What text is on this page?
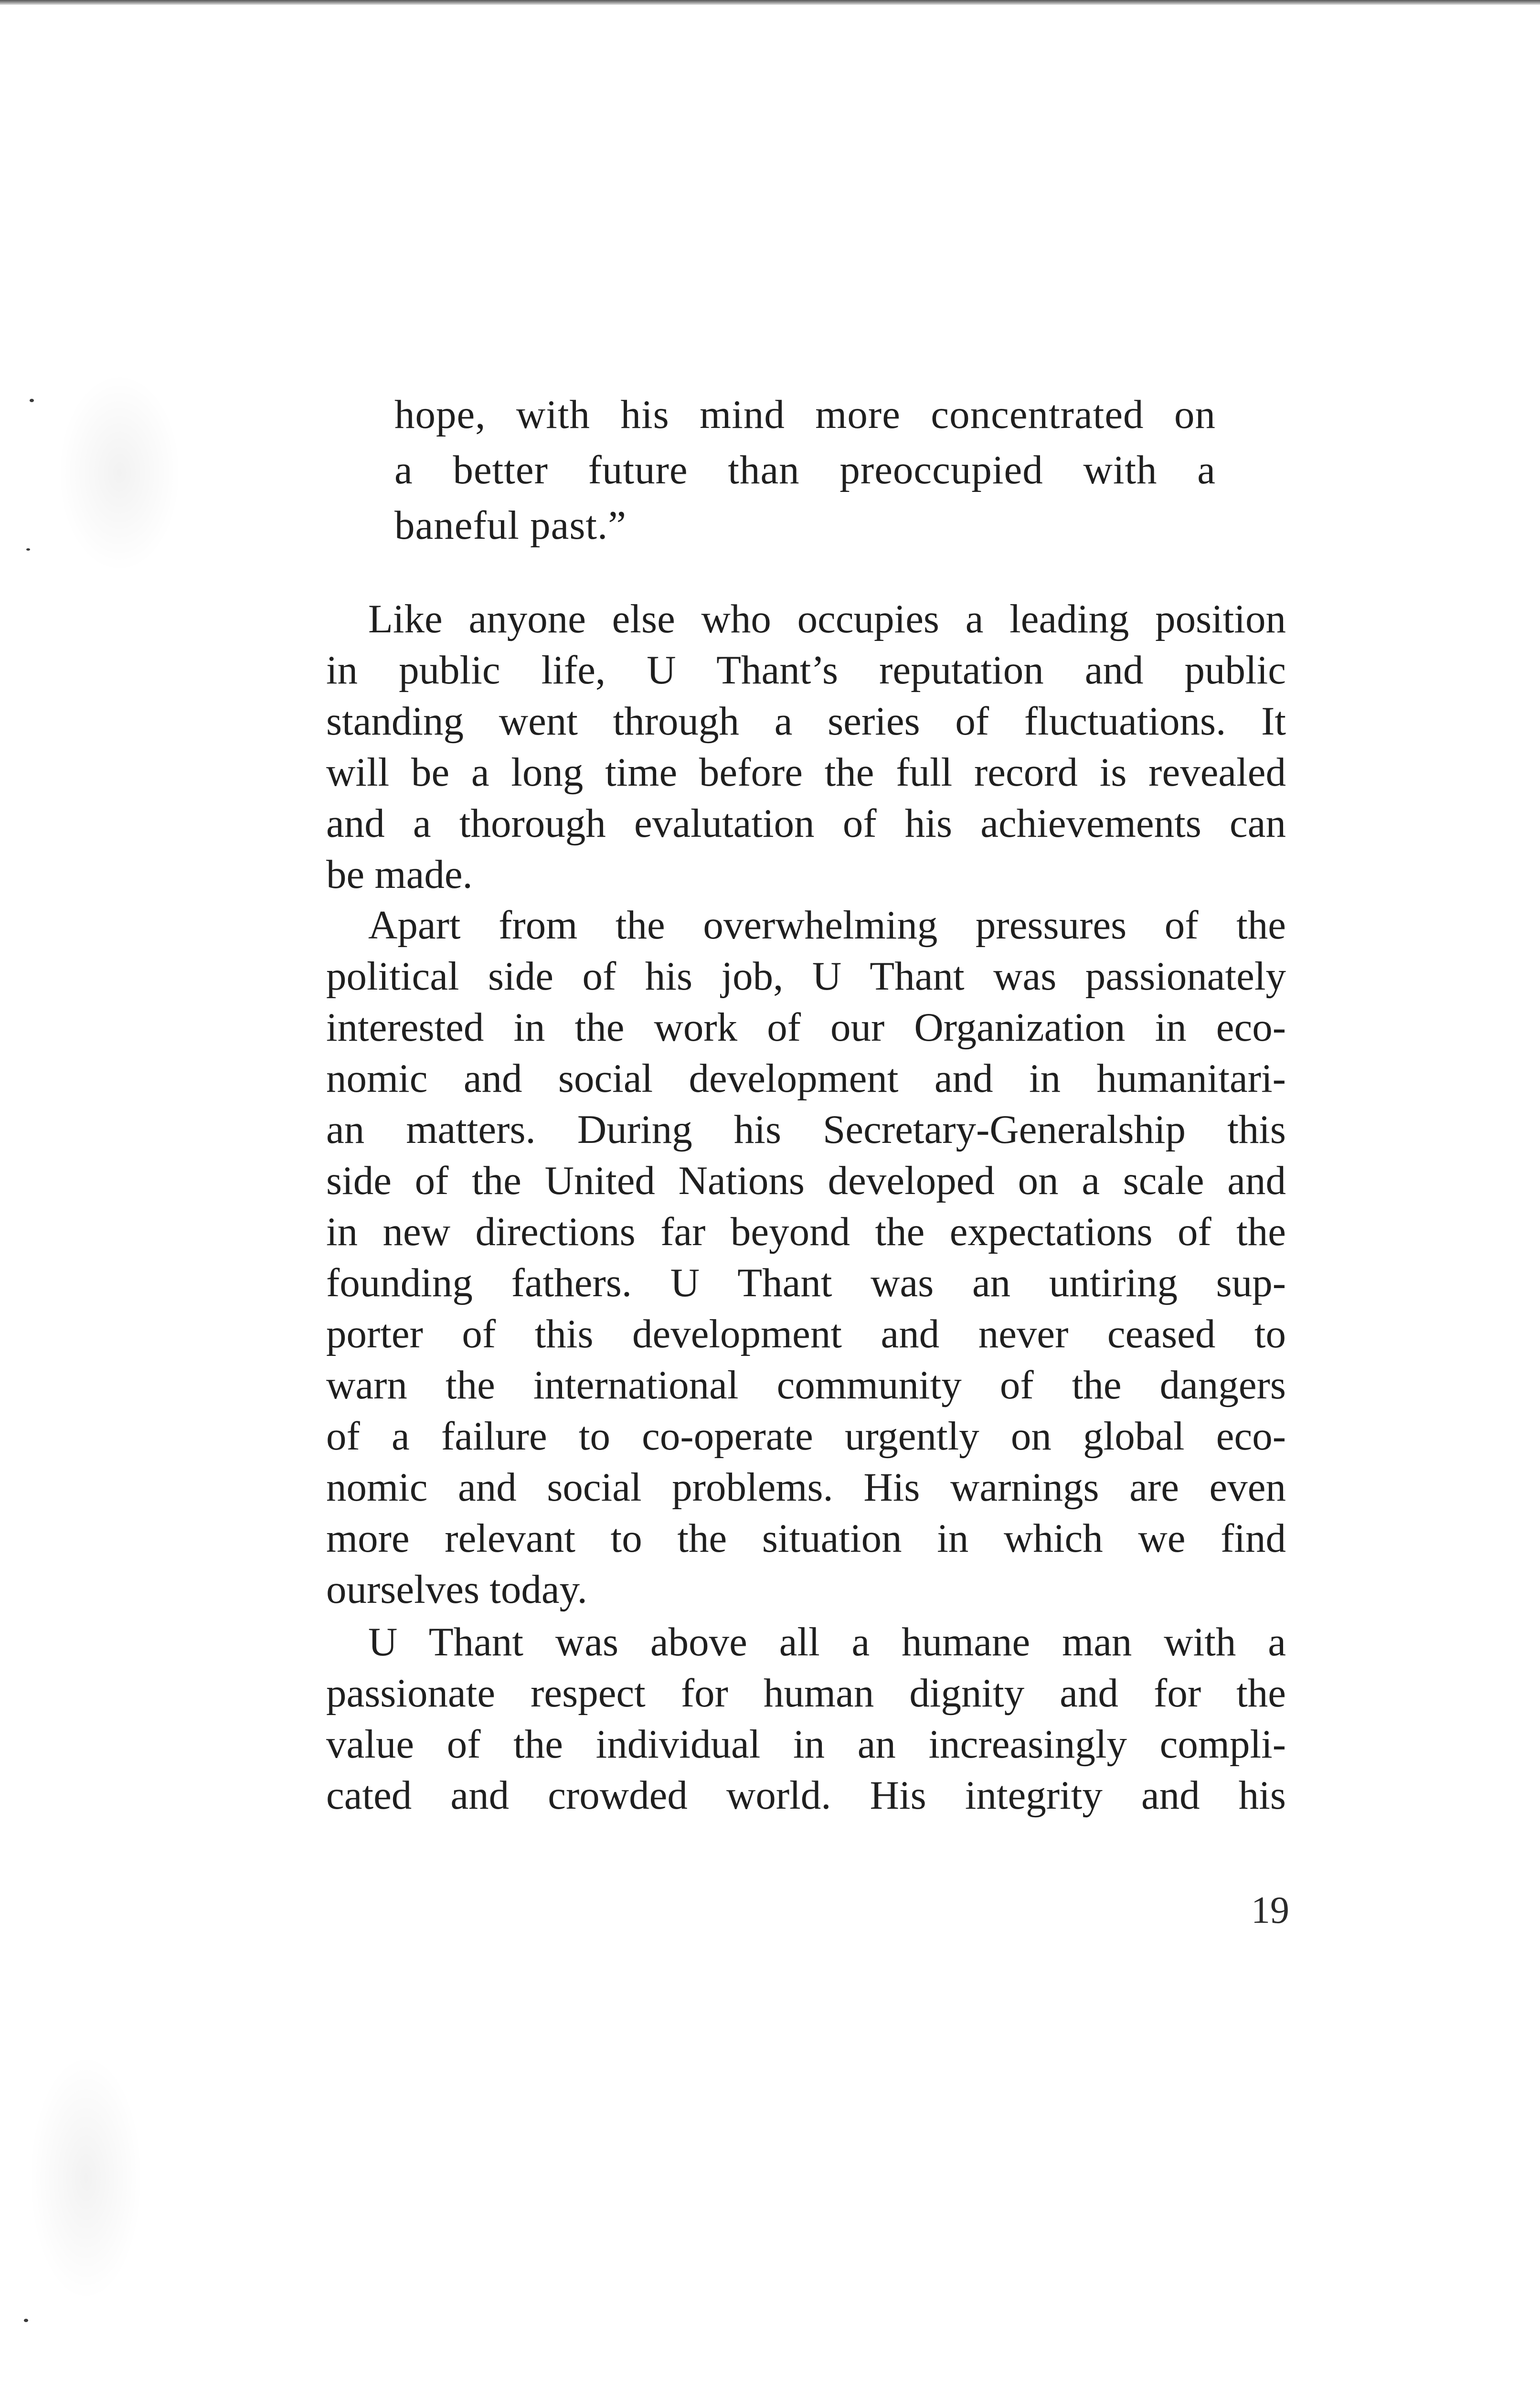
hope, with his mind more concentrated on
a better future than preoccupied with a
baneful past.”
Like anyone else who occupies a leading position
in public life, U Thant’s reputation and public
standing went through a series of fluctuations. It
will be a long time before the full record is revealed
and a thorough evalutation of his achievements can
be made.
Apart from the overwhelming pressures of the
political side of his job, U Thant was passionately
interested in the work of our Organization in eco-
nomic and social development and in humanitari-
an matters. During his Secretary-Generalship this
side of the United Nations developed on a scale and
in new directions far beyond the expectations of the
founding fathers. U Thant was an untiring sup-
porter of this development and never ceased to
warn the international community of the dangers
of a failure to co-operate urgently on global eco-
nomic and social problems. His warnings are even
more relevant to the situation in which we find
ourselves today.
U Thant was above all a humane man with a
passionate respect for human dignity and for the
value of the individual in an increasingly compli-
cated and crowded world. His integrity and his
19
